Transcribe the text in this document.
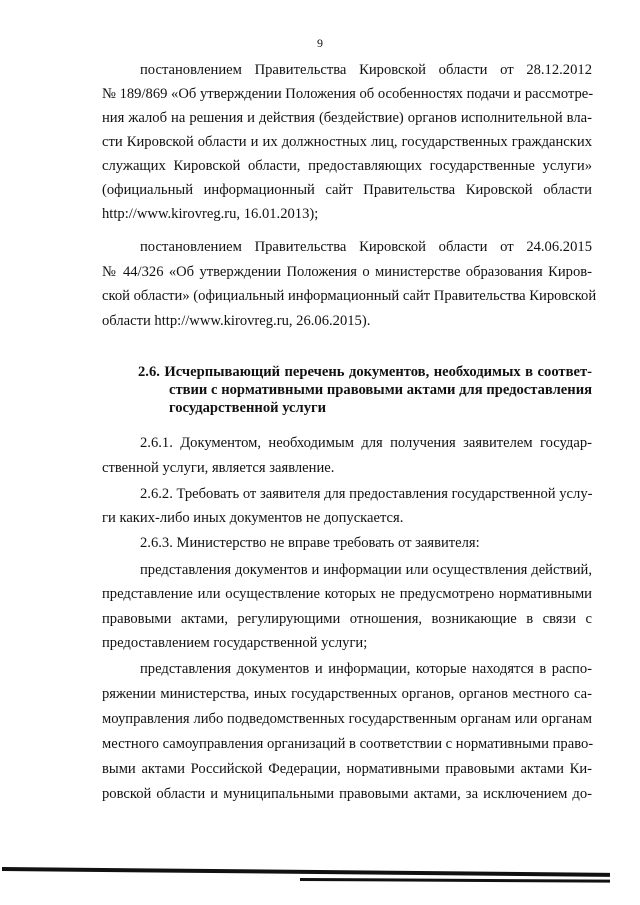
9
постановлением Правительства Кировской области от 28.12.2012
№ 189/869 «Об утверждении Положения об особенностях подачи и рассмотре-
ния жалоб на решения и действия (бездействие) органов исполнительной вла-
сти Кировской области и их должностных лиц, государственных гражданских
служащих Кировской области, предоставляющих государственные услуги»
(официальный информационный сайт Правительства Кировской области
http://www.kirovreg.ru, 16.01.2013);
постановлением Правительства Кировской области от 24.06.2015
№ 44/326 «Об утверждении Положения о министерстве образования Киров-
ской области» (официальный информационный сайт Правительства Кировской
области http://www.kirovreg.ru, 26.06.2015).
2.6. Исчерпывающий перечень документов, необходимых в соответ-
ствии с нормативными правовыми актами для предоставления
государственной услуги
2.6.1. Документом, необходимым для получения заявителем государ-
ственной услуги, является заявление.
2.6.2. Требовать от заявителя для предоставления государственной услу-
ги каких-либо иных документов не допускается.
2.6.3. Министерство не вправе требовать от заявителя:
представления документов и информации или осуществления действий,
представление или осуществление которых не предусмотрено нормативными
правовыми актами, регулирующими отношения, возникающие в связи с
предоставлением государственной услуги;
представления документов и информации, которые находятся в распо-
ряжении министерства, иных государственных органов, органов местного са-
моуправления либо подведомственных государственным органам или органам
местного самоуправления организаций в соответствии с нормативными право-
выми актами Российской Федерации, нормативными правовыми актами Ки-
ровской области и муниципальными правовыми актами, за исключением до-
